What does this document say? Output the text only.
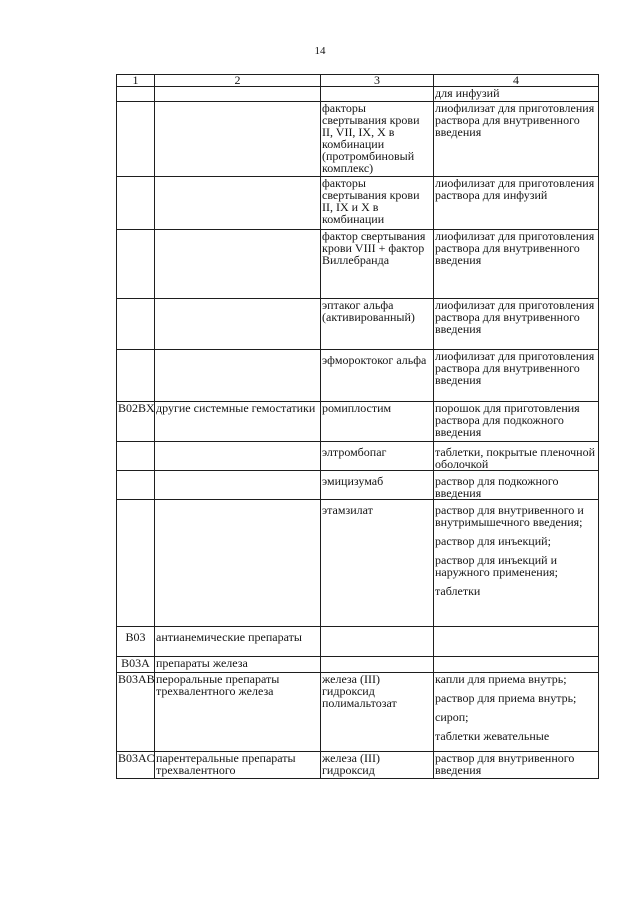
14
1	2	3	4

			для инфузий

		факторы свертывания крови II, VII, IX, X в комбинации (протромбиновый комплекс)	лиофилизат для приготовления раствора для внутривенного введения

		факторы свертывания крови II, IX и X в комбинации	лиофилизат для приготовления раствора для инфузий

		фактор свертывания крови VIII + фактор Виллебранда	лиофилизат для приготовления раствора для внутривенного введения

		эптаког альфа (активированный)	лиофилизат для приготовления раствора для внутривенного введения

		эфмороктоког альфа	лиофилизат для приготовления раствора для внутривенного введения

B02BX	другие системные гемостатики	ромиплостим	порошок для приготовления раствора для подкожного введения

		элтромбопаг	таблетки, покрытые пленочной оболочкой

		эмицизумаб	раствор для подкожного введения

		этамзилат	раствор для внутривенного и внутримышечного введения;
раствор для инъекций;
раствор для инъекций и наружного применения;
таблетки

B03	антианемические препараты		

B03A	препараты железа		
B03AB	пероральные препараты трехвалентного железа	железа (III) гидроксид полимальтозат	капли для приема внутрь;
раствор для приема внутрь;
сироп;
таблетки жевательные

B03AC	парентеральные препараты трехвалентного	железа (III) гидроксид	раствор для внутривенного введения
